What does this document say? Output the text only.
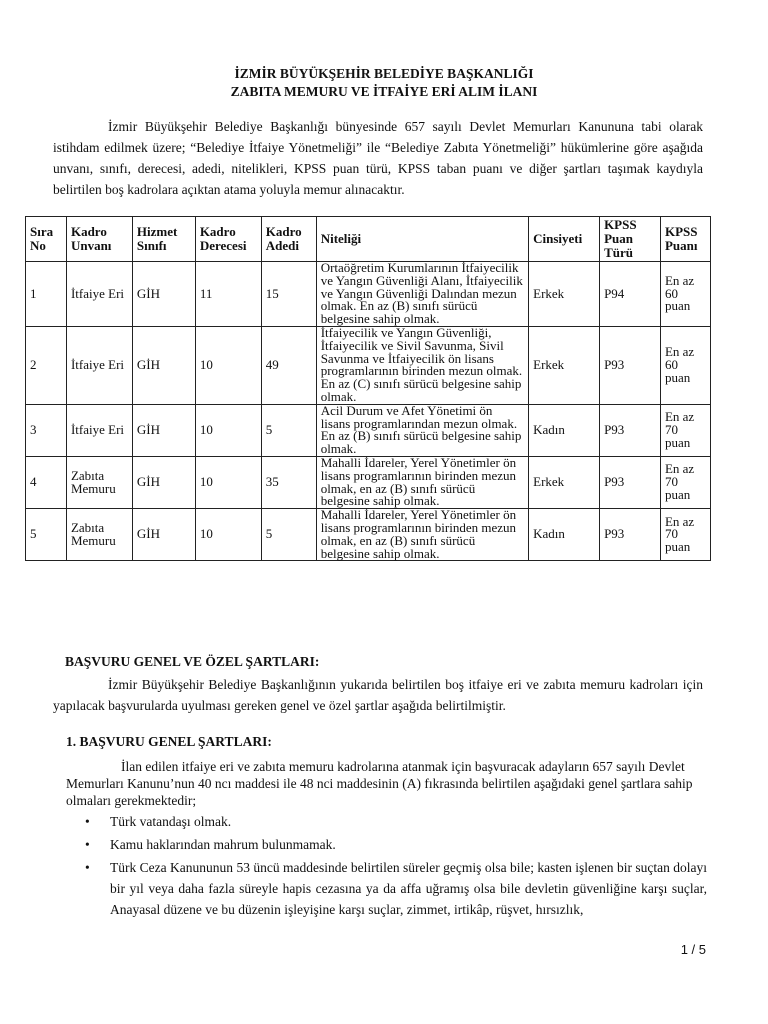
İZMİR BÜYÜKŞEHİR BELEDİYE BAŞKANLIĞI
ZABITA MEMURU VE İTFAİYE ERİ ALIM İLANI

İzmir Büyükşehir Belediye Başkanlığı bünyesinde 657 sayılı Devlet Memurları Kanununa tabi olarak istihdam edilmek üzere; “Belediye İtfaiye Yönetmeliği” ile “Belediye Zabıta Yönetmeliği” hükümlerine göre aşağıda unvanı, sınıfı, derecesi, adedi, nitelikleri, KPSS puan türü, KPSS taban puanı ve diğer şartları taşımak kaydıyla belirtilen boş kadrolara açıktan atama yoluyla memur alınacaktır.

Sıra No	Kadro Unvanı	Hizmet Sınıfı	Kadro Derecesi	Kadro Adedi	Niteliği	Cinsiyeti	KPSS Puan Türü	KPSS Puanı
1	İtfaiye Eri	GİH	11	15	Ortaöğretim Kurumlarının İtfaiyecilik ve Yangın Güvenliği Alanı, İtfaiyecilik ve Yangın Güvenliği Dalından mezun olmak. En az (B) sınıfı sürücü belgesine sahip olmak.	Erkek	P94	En az 60 puan
2	İtfaiye Eri	GİH	10	49	İtfaiyecilik ve Yangın Güvenliği, İtfaiyecilik ve Sivil Savunma, Sivil Savunma ve İtfaiyecilik ön lisans programlarının birinden mezun olmak. En az (C) sınıfı sürücü belgesine sahip olmak.	Erkek	P93	En az 60 puan
3	İtfaiye Eri	GİH	10	5	Acil Durum ve Afet Yönetimi ön lisans programlarından mezun olmak. En az (B) sınıfı sürücü belgesine sahip olmak.	Kadın	P93	En az 70 puan
4	Zabıta Memuru	GİH	10	35	Mahalli İdareler, Yerel Yönetimler ön lisans programlarının birinden mezun olmak, en az (B) sınıfı sürücü belgesine sahip olmak.	Erkek	P93	En az 70 puan
5	Zabıta Memuru	GİH	10	5	Mahalli İdareler, Yerel Yönetimler ön lisans programlarının birinden mezun olmak, en az (B) sınıfı sürücü belgesine sahip olmak.	Kadın	P93	En az 70 puan
BAŞVURU GENEL VE ÖZEL ŞARTLARI:

İzmir Büyükşehir Belediye Başkanlığının yukarıda belirtilen boş itfaiye eri ve zabıta memuru kadroları için yapılacak başvurularda uyulması gereken genel ve özel şartlar aşağıda belirtilmiştir.

1. BAŞVURU GENEL ŞARTLARI:

İlan edilen itfaiye eri ve zabıta memuru kadrolarına atanmak için başvuracak adayların 657 sayılı Devlet Memurları Kanunu’nun 40 ncı maddesi ile 48 nci maddesinin (A) fıkrasında belirtilen aşağıdaki genel şartlara sahip olmaları gerekmektedir;

• Türk vatandaşı olmak.
• Kamu haklarından mahrum bulunmamak.
• Türk Ceza Kanununun 53 üncü maddesinde belirtilen süreler geçmiş olsa bile; kasten işlenen bir suçtan dolayı bir yıl veya daha fazla süreyle hapis cezasına ya da affa uğramış olsa bile devletin güvenliğine karşı suçlar, Anayasal düzene ve bu düzenin işleyişine karşı suçlar, zimmet, irtikâp, rüşvet, hırsızlık,
1 / 5
